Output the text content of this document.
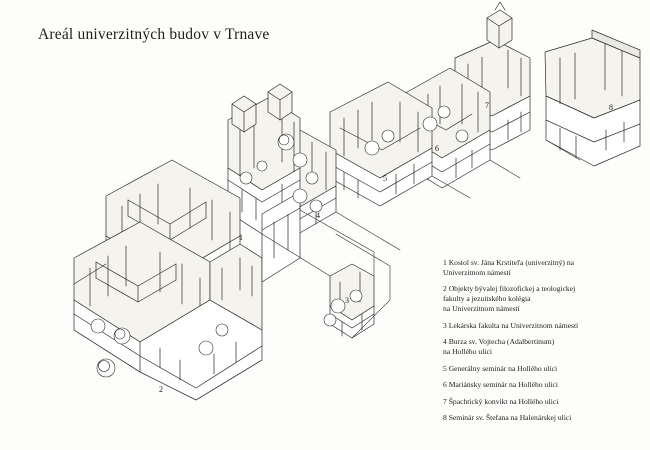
Areál univerzitných budov v Trnave
1
2
3
4
5
6
7	8
1 Kostol sv. Jána Krstiteľa (univerzitný) na
Univerzitnom námestí
2 Objekty bývalej filozofickej a teologickej
fakulty a jezuitského kolégia
na Univerzitnom námestí
3 Lekárska fakulta na Univerzitnom námestí
4 Burza sv. Vojtecha (Adalbertinum)
na Hollého ulici
5 Generálny seminár na Hollého ulici
6 Mariánsky seminár na Hollého ulici
7 Špachtický konvikt na Hollého ulici
8 Seminár sv. Štefana na Halenárskej ulici
